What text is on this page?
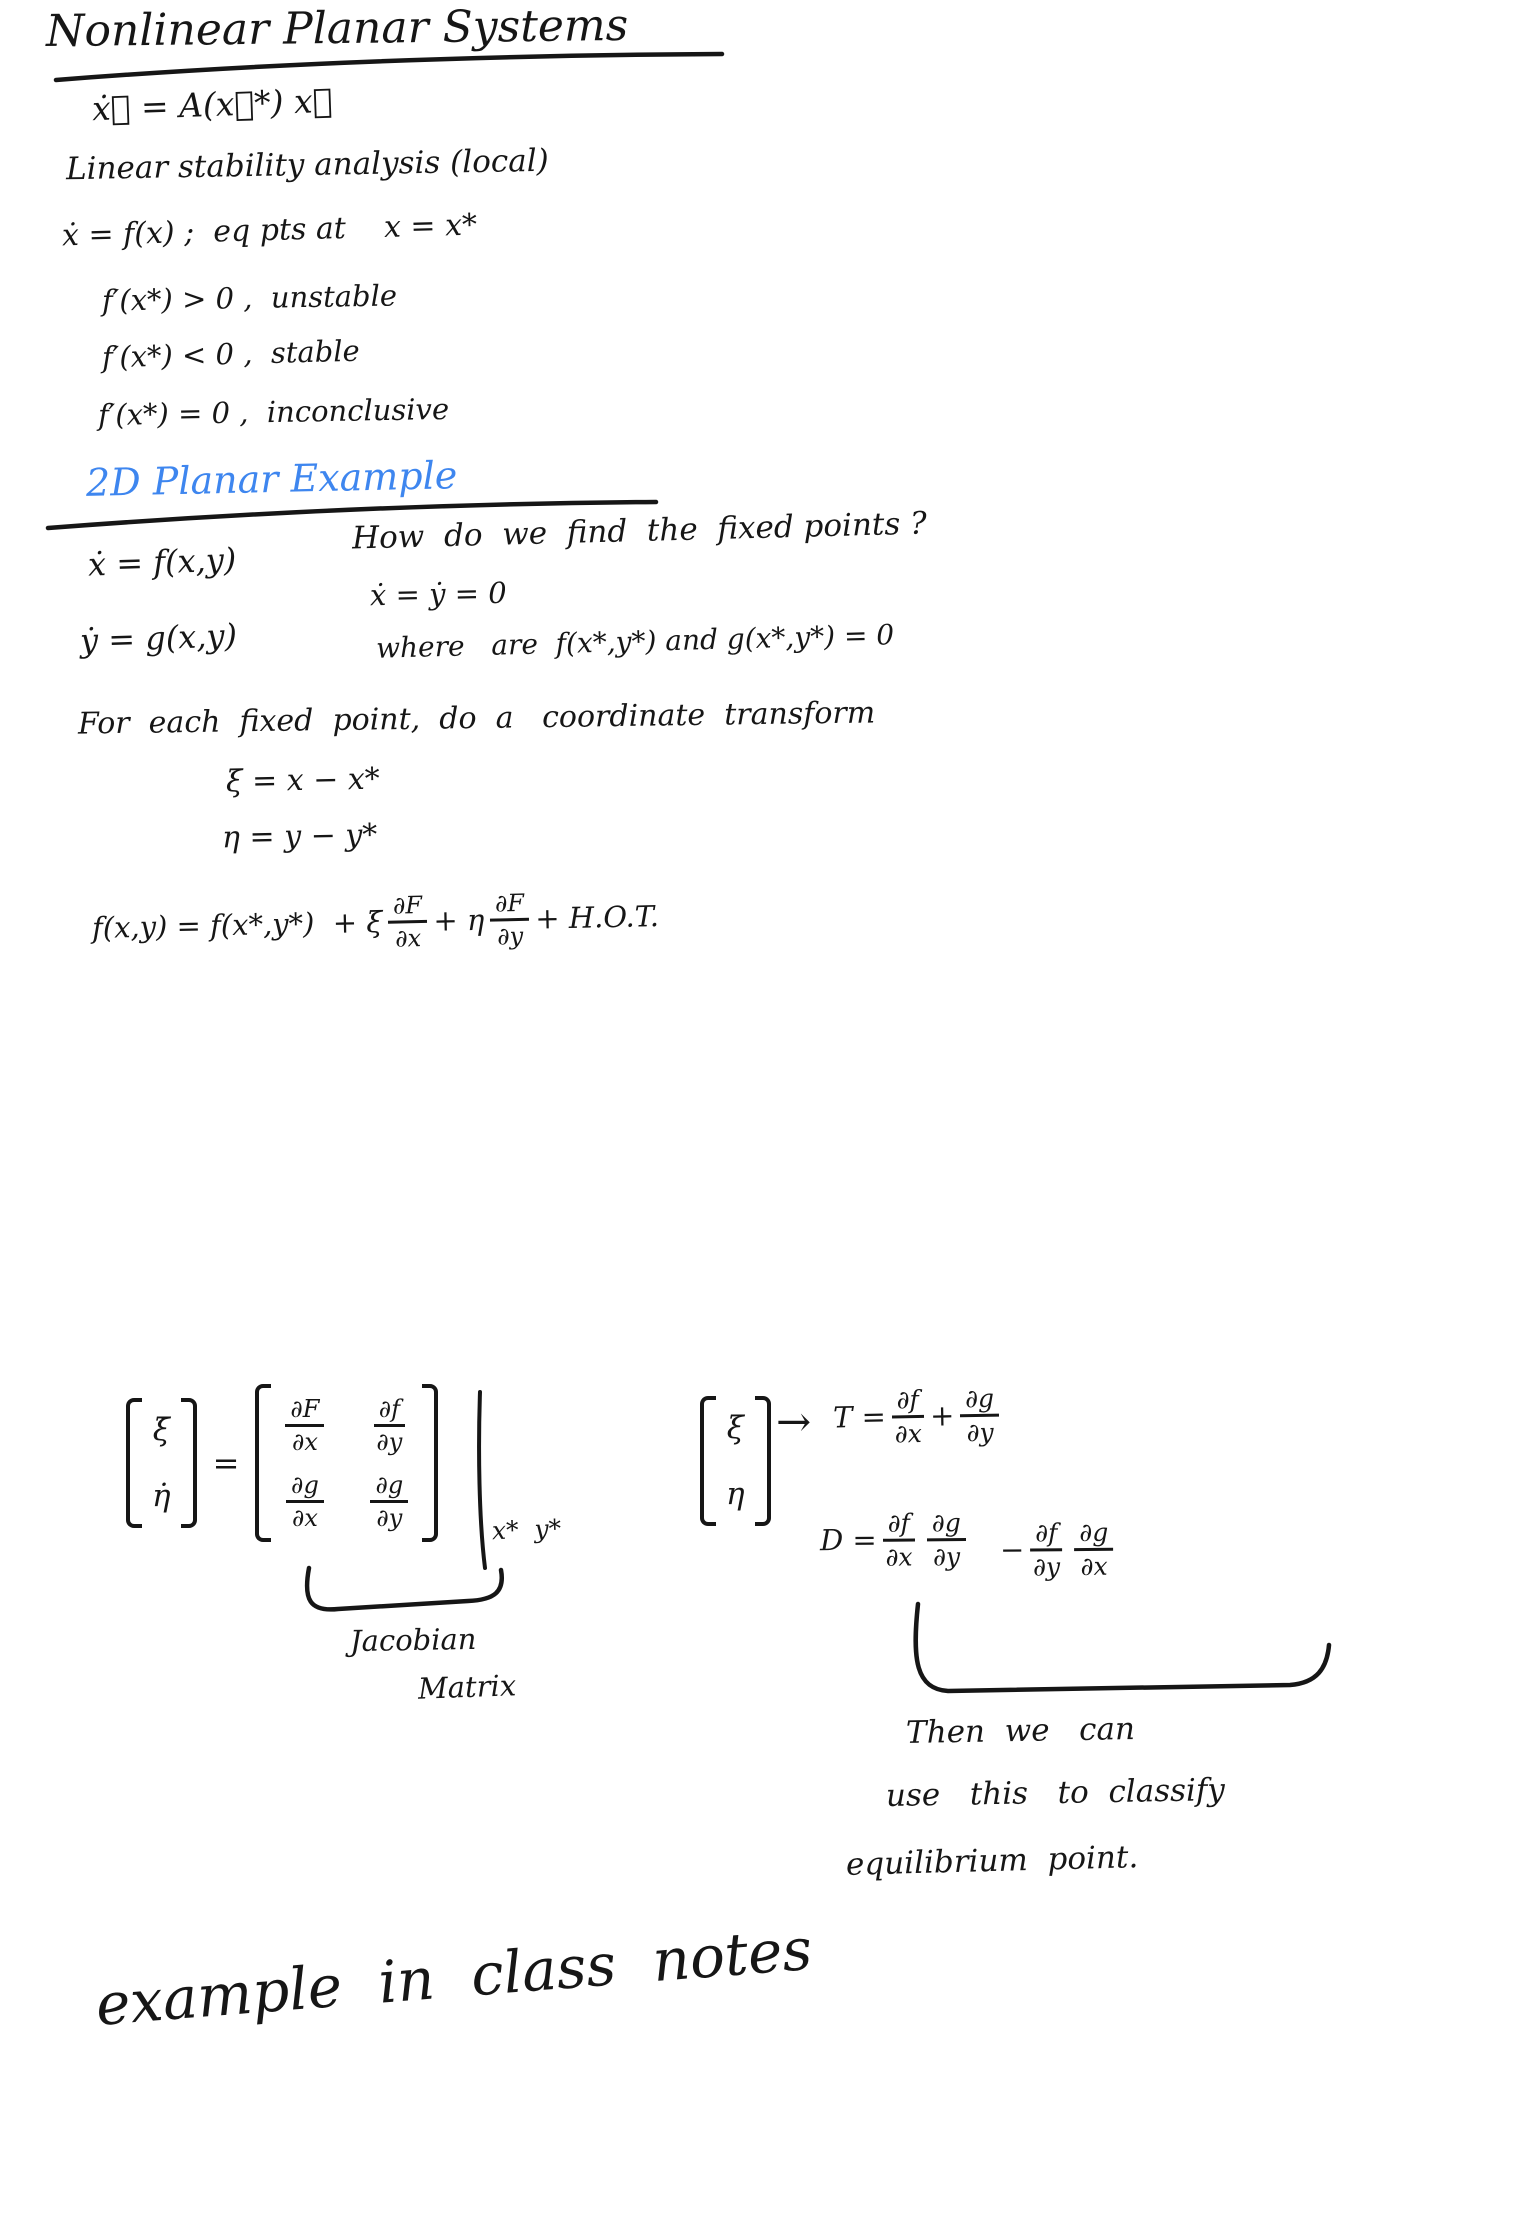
Nonlinear Planar Systems
ẋ⃗ = A(x⃗*) x⃗
Linear stability analysis (local)
ẋ = f(x) ;  eq pts at    x = x*
f′(x*) > 0 ,  unstable
f′(x*) < 0 ,  stable
f′(x*) = 0 ,  inconclusive
2D Planar Example
ẋ = f(x,y)
ẏ = g(x,y)
How  do  we  find  the  fixed points ?
ẋ = ẏ = 0
where   are  f(x*,y*) and g(x*,y*) = 0
For  each  fixed  point,  do  a   coordinate  transform
ξ = x − x*
η = y − y*
f(x,y) = f(x*,y*)  + ξ $\frac{\partial F}{\partial x} + \eta \frac{\partial F}{\partial y} + H.O.T$.
ξ̇
η̇
=
$\frac{\partial F}{\partial x} \frac{\partial f}{\partial y}$
$\frac{\partial g}{\partial x} \frac{\partial g}{\partial y}$	x*  y*
ξ
η
→ $T = \frac{\partial f}{\partial x} + \frac{\partial g}{\partial y}$
$D = \frac{\partial f}{\partial x} \frac{\partial g}{\partial y} - \frac{\partial f}{\partial y} \frac{\partial g}{\partial x}$
Jacobian
Matrix
Then  we   can
use   this   to  classify
equilibrium  point.
example  in  class  notes
